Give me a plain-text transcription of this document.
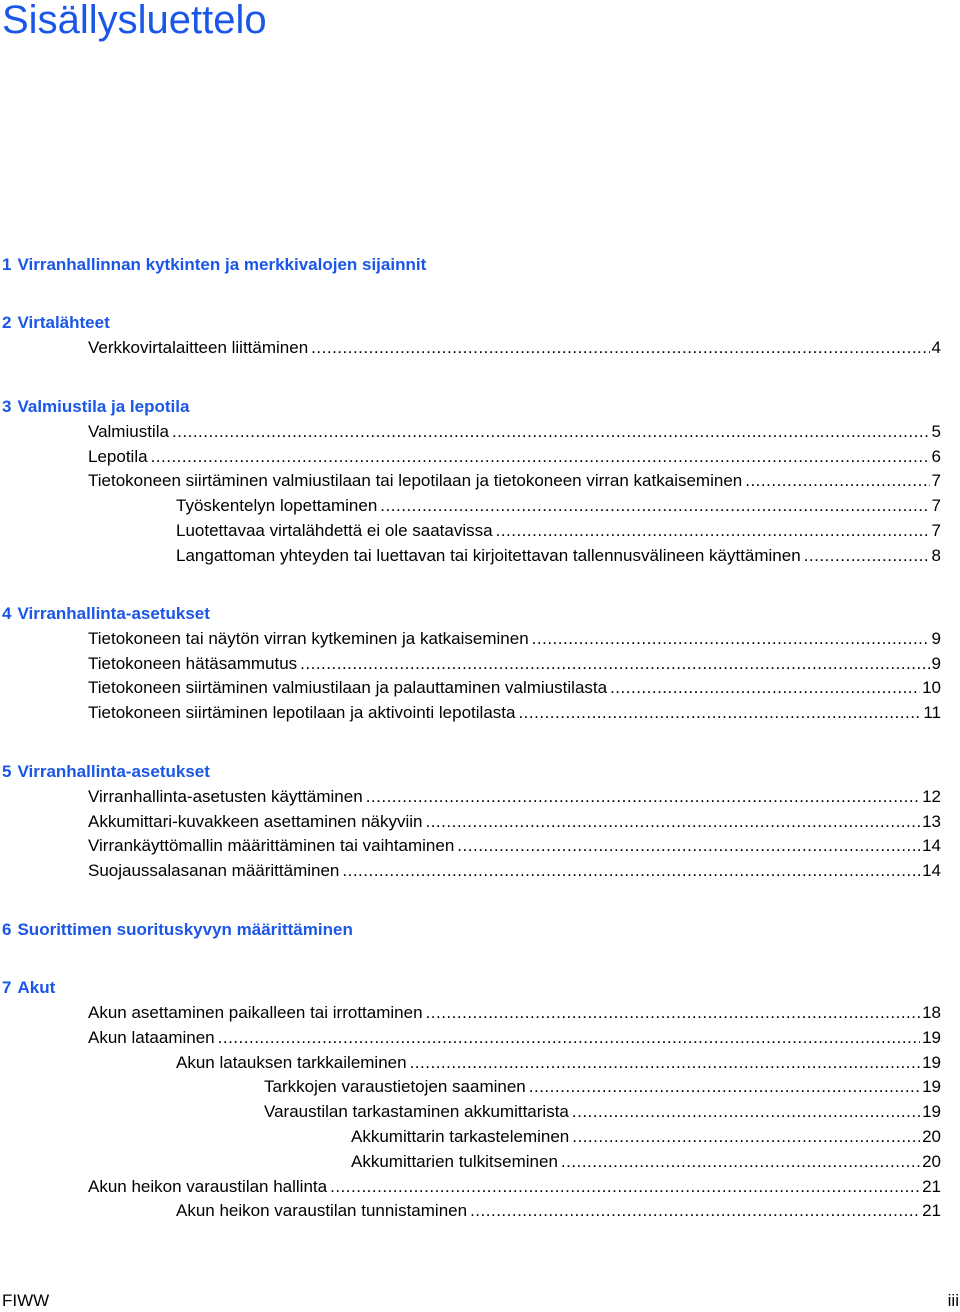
Sisällysluettelo
1 Virranhallinnan kytkinten ja merkkivalojen sijainnit
2 Virtalähteet
Verkkovirtalaitteen liittäminen .....	4
3 Valmiustila ja lepotila
Valmiustila .....	5
Lepotila .....	6
Tietokoneen siirtäminen valmiustilaan tai lepotilaan ja tietokoneen virran katkaiseminen .....	7
Työskentelyn lopettaminen .....	7
Luotettavaa virtalähdettä ei ole saatavissa .....	7
Langattoman yhteyden tai luettavan tai kirjoitettavan tallennusvälineen käyttäminen .....	8
4 Virranhallinta-asetukset
Tietokoneen tai näytön virran kytkeminen ja katkaiseminen .....	9
Tietokoneen hätäsammutus .....	9
Tietokoneen siirtäminen valmiustilaan ja palauttaminen valmiustilasta .....	10
Tietokoneen siirtäminen lepotilaan ja aktivointi lepotilasta .....	11
5 Virranhallinta-asetukset
Virranhallinta-asetusten käyttäminen .....	12
Akkumittari-kuvakkeen asettaminen näkyviin .....	13
Virrankäyttömallin määrittäminen tai vaihtaminen .....	14
Suojaussalasanan määrittäminen .....	14
6 Suorittimen suorituskyvyn määrittäminen
7 Akut
Akun asettaminen paikalleen tai irrottaminen .....	18
Akun lataaminen .....	19
Akun latauksen tarkkaileminen .....	19
Tarkkojen varaustietojen saaminen .....	19
Varaustilan tarkastaminen akkumittarista .....	19
Akkumittarin tarkasteleminen .....	20
Akkumittarien tulkitseminen .....	20
Akun heikon varaustilan hallinta .....	21
Akun heikon varaustilan tunnistaminen .....	21
FIWW	iii
